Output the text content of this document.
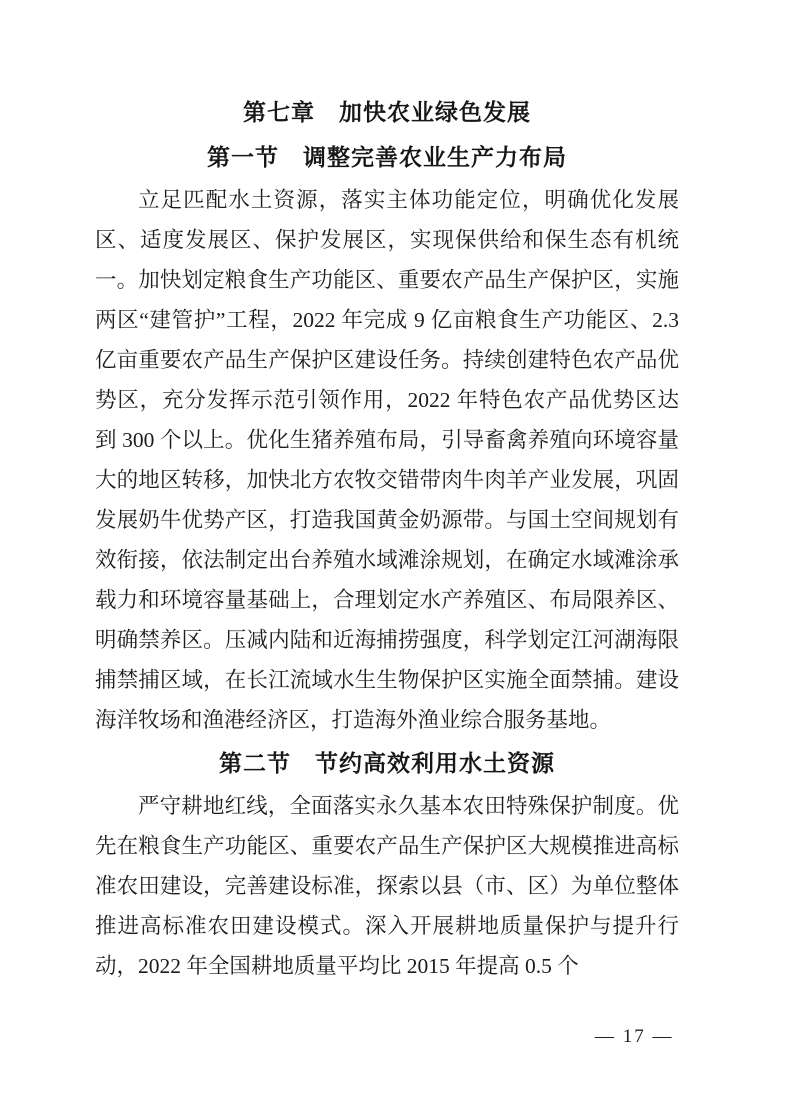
第七章　加快农业绿色发展
第一节　调整完善农业生产力布局

立足匹配水土资源，落实主体功能定位，明确优化发展区、适度发展区、保护发展区，实现保供给和保生态有机统一。加快划定粮食生产功能区、重要农产品生产保护区，实施两区“建管护”工程，2022 年完成 9 亿亩粮食生产功能区、2.3 亿亩重要农产品生产保护区建设任务。持续创建特色农产品优势区，充分发挥示范引领作用，2022 年特色农产品优势区达到 300 个以上。优化生猪养殖布局，引导畜禽养殖向环境容量大的地区转移，加快北方农牧交错带肉牛肉羊产业发展，巩固发展奶牛优势产区，打造我国黄金奶源带。与国土空间规划有效衔接，依法制定出台养殖水域滩涂规划，在确定水域滩涂承载力和环境容量基础上，合理划定水产养殖区、布局限养区、明确禁养区。压减内陆和近海捕捞强度，科学划定江河湖海限捕禁捕区域，在长江流域水生生物保护区实施全面禁捕。建设海洋牧场和渔港经济区，打造海外渔业综合服务基地。

第二节　节约高效利用水土资源

严守耕地红线，全面落实永久基本农田特殊保护制度。优先在粮食生产功能区、重要农产品生产保护区大规模推进高标准农田建设，完善建设标准，探索以县（市、区）为单位整体推进高标准农田建设模式。深入开展耕地质量保护与提升行动，2022 年全国耕地质量平均比 2015 年提高 0.5 个

— 17 —
